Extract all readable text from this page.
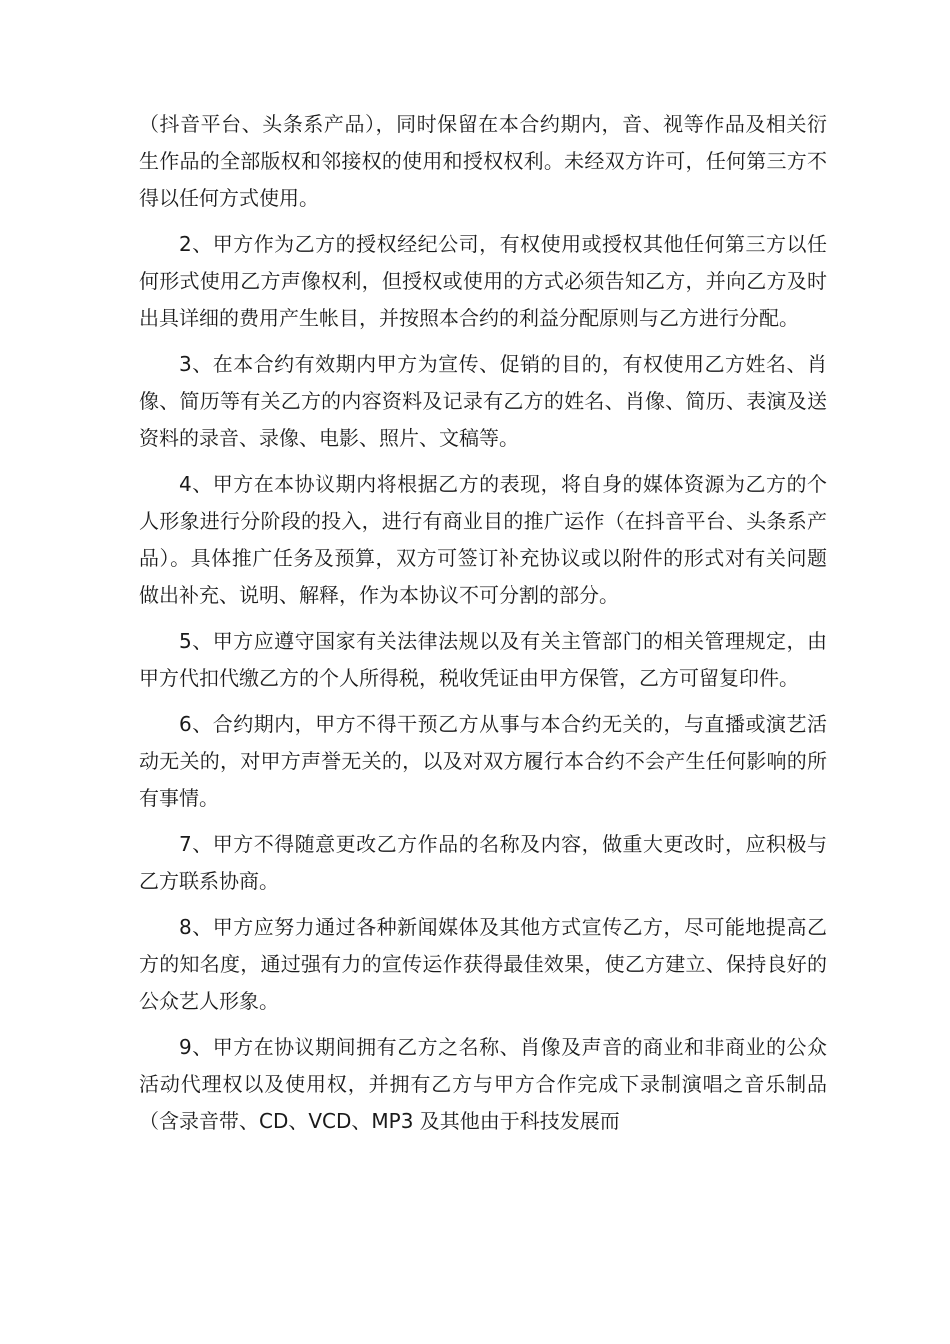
（抖音平台、头条系产品），同时保留在本合约期内，音、视等作品及相关衍生作品的全部版权和邻接权的使用和授权权利。未经双方许可，任何第三方不得以任何方式使用。

2、甲方作为乙方的授权经纪公司，有权使用或授权其他任何第三方以任何形式使用乙方声像权利，但授权或使用的方式必须告知乙方，并向乙方及时出具详细的费用产生帐目，并按照本合约的利益分配原则与乙方进行分配。

3、在本合约有效期内甲方为宣传、促销的目的，有权使用乙方姓名、肖像、简历等有关乙方的内容资料及记录有乙方的姓名、肖像、简历、表演及送资料的录音、录像、电影、照片、文稿等。

4、甲方在本协议期内将根据乙方的表现，将自身的媒体资源为乙方的个人形象进行分阶段的投入，进行有商业目的推广运作（在抖音平台、头条系产品）。具体推广任务及预算，双方可签订补充协议或以附件的形式对有关问题做出补充、说明、解释，作为本协议不可分割的部分。

5、甲方应遵守国家有关法律法规以及有关主管部门的相关管理规定，由甲方代扣代缴乙方的个人所得税，税收凭证由甲方保管，乙方可留复印件。

6、合约期内，甲方不得干预乙方从事与本合约无关的，与直播或演艺活动无关的，对甲方声誉无关的，以及对双方履行本合约不会产生任何影响的所有事情。

7、甲方不得随意更改乙方作品的名称及内容，做重大更改时，应积极与乙方联系协商。

8、甲方应努力通过各种新闻媒体及其他方式宣传乙方，尽可能地提高乙方的知名度，通过强有力的宣传运作获得最佳效果，使乙方建立、保持良好的公众艺人形象。

9、甲方在协议期间拥有乙方之名称、肖像及声音的商业和非商业的公众活动代理权以及使用权，并拥有乙方与甲方合作完成下录制演唱之音乐制品（含录音带、CD、VCD、MP3 及其他由于科技发展而
